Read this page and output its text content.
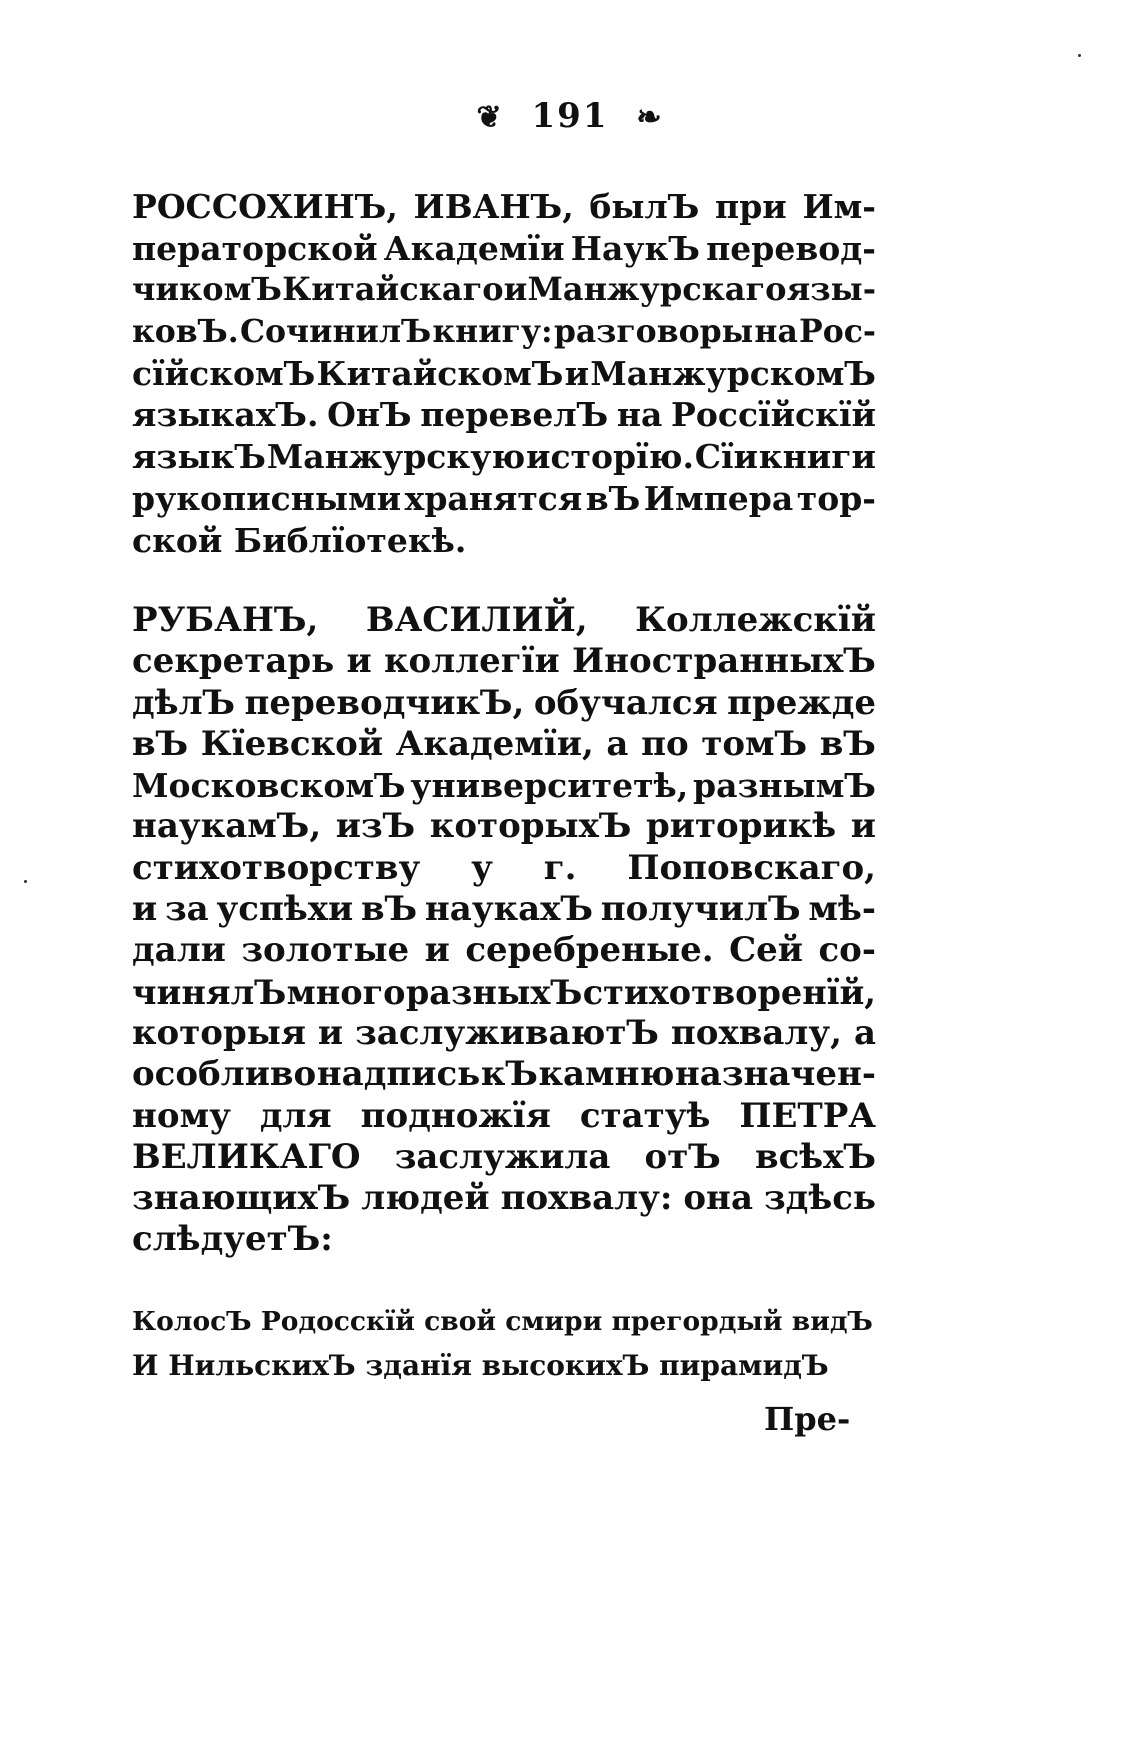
❦ 191 ❧
РОССОХИНЪ, ИВАНЪ, былЪ при Им-
ператорской Академїи НаукЪ перевод-
чикомЪ Китайскаго и Манжурскаго язы-
ковЪ. СочинилЪ книгу: разговоры на Рос-
сїйскомЪ КитайскомЪ и МанжурскомЪ
языкахЪ. ОнЪ перевелЪ на Россїйскїй
языкЪ Манжурскую исторїю. Сїи книги
рукописными хранятся вЪ Импера тор-
ской Библїотекѣ.
РУБАНЪ, ВАСИЛИЙ, Коллежскїй
секретарь и коллегїи ИностранныхЪ
дѣлЪ переводчикЪ, обучался прежде
вЪ Кїевской Академїи, а по томЪ вЪ
МосковскомЪ университетѣ, разнымЪ
наукамЪ, изЪ которыхЪ риторикѣ и
стихотворству у г. Поповскаго,
и за успѣхи вЪ наукахЪ получилЪ мѣ-
дали золотые и серебреные. Сей со-
чинялЪ много разныхЪ стихотворенїй,
которыя и заслуживаютЪ похвалу, а
особливо надпись кЪ камню назначен-
ному для подножїя статуѣ ПЕТРА
ВЕЛИКАГО заслужила отЪ всѣхЪ
знающихЪ людей похвалу: она здѣсь
слѣдуетЪ:
КолосЪ Родосскїй свой смири прегордый видЪ
И НильскихЪ зданїя высокихЪ пирамидЪ
Пре-
